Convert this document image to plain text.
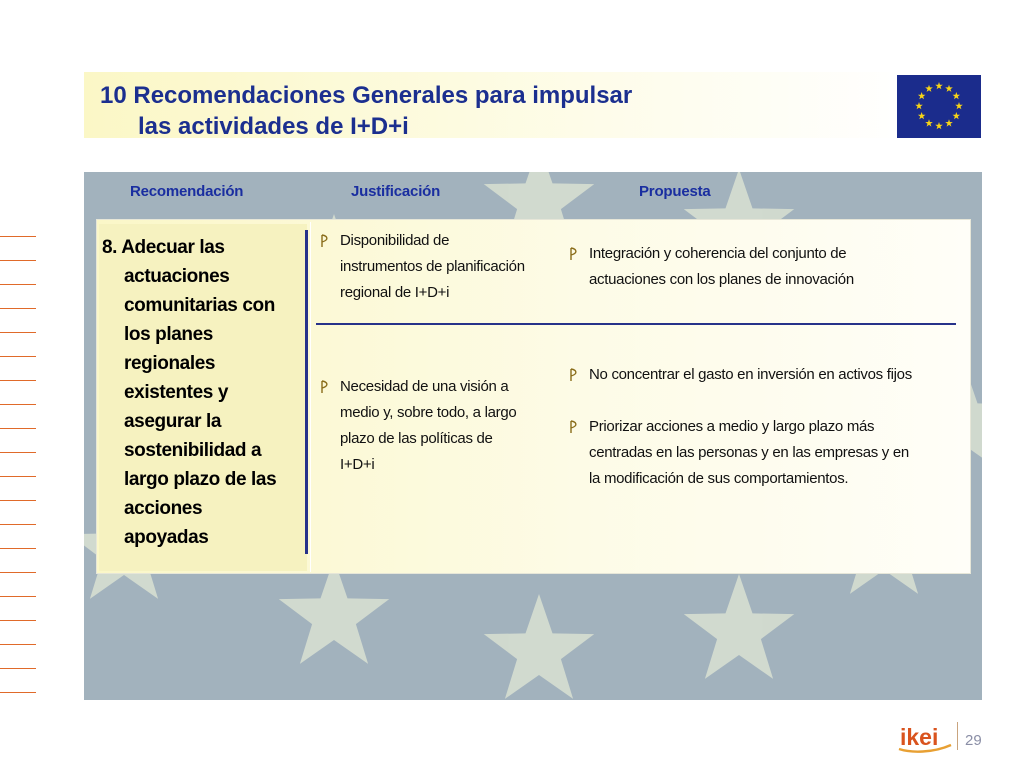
10 Recomendaciones Generales para impulsar
las actividades de I+D+i
Recomendación	Justificación	Propuesta

8. Adecuar las
actuaciones
comunitarias con
los planes
regionales
existentes y
asegurar la
sostenibilidad a
largo plazo de las
acciones
apoyadas

Disponibilidad de
instrumentos de planificación
regional de I+D+i
Integración y coherencia del conjunto de
actuaciones con los planes de innovación
Necesidad de una visión a
medio y, sobre todo, a largo
plazo de las políticas de
I+D+i
No concentrar el gasto en inversión en activos fijos
Priorizar acciones a medio y largo plazo más
centradas en las personas y en las empresas y en
la modificación de sus comportamientos.
ikei 29
